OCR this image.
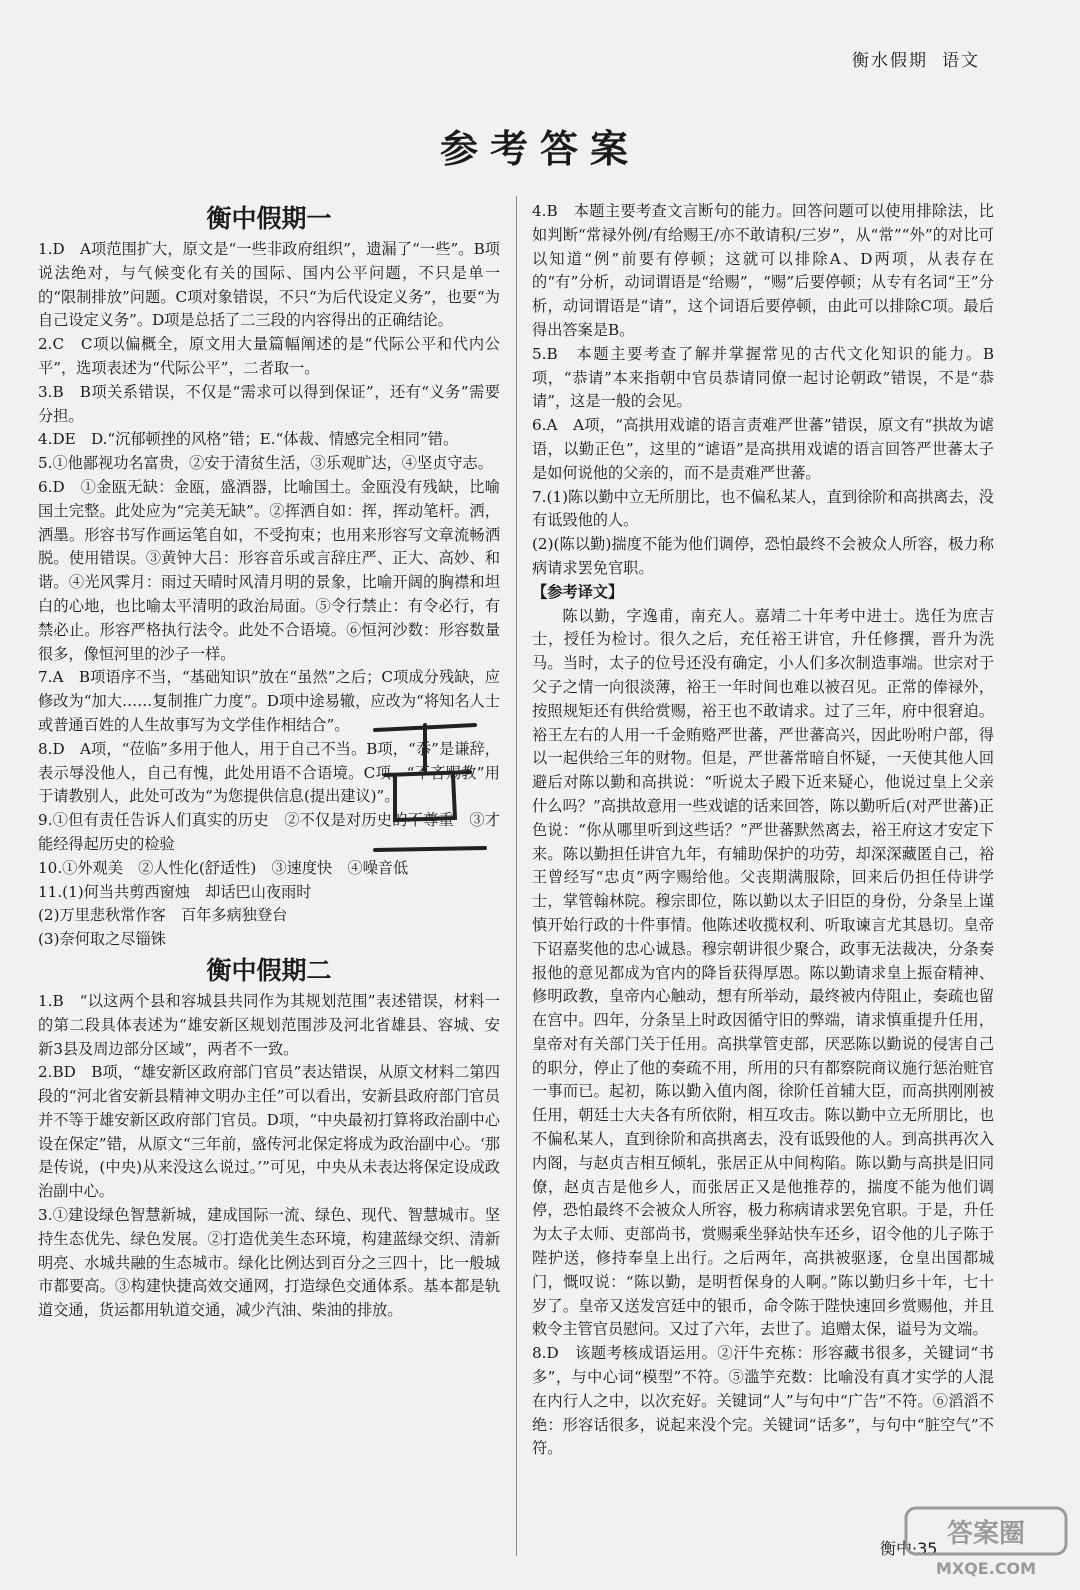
衡水假期 语文
参考答案
衡中假期一

1.D　A项范围扩大，原文是“一些非政府组织”，遗漏了“一些”。B项说法绝对，与气候变化有关的国际、国内公平问题，不只是单一的“限制排放”问题。C项对象错误，不只“为后代设定义务”，也要“为自己设定义务”。D项是总括了二三段的内容得出的正确结论。

2.C　C项以偏概全，原文用大量篇幅阐述的是“代际公平和代内公平”，选项表述为“代际公平”，二者取一。

3.B　B项关系错误，不仅是“需求可以得到保证”，还有“义务”需要分担。

4.DE　D.“沉郁顿挫的风格”错；E.“体裁、情感完全相同”错。

5.①他鄙视功名富贵，②安于清贫生活，③乐观旷达，④坚贞守志。

6.D　①金瓯无缺：金瓯，盛酒器，比喻国土。金瓯没有残缺，比喻国土完整。此处应为“完美无缺”。②挥洒自如：挥，挥动笔杆。洒，洒墨。形容书写作画运笔自如，不受拘束；也用来形容写文章流畅洒脱。使用错误。③黄钟大吕：形容音乐或言辞庄严、正大、高妙、和谐。④光风霁月：雨过天晴时风清月明的景象，比喻开阔的胸襟和坦白的心地，也比喻太平清明的政治局面。⑤令行禁止：有令必行，有禁必止。形容严格执行法令。此处不合语境。⑥恒河沙数：形容数量很多，像恒河里的沙子一样。

7.A　B项语序不当，“基础知识”放在“虽然”之后；C项成分残缺，应修改为“加大……复制推广力度”。D项中途易辙，应改为“将知名人士或普通百姓的人生故事写为文学佳作相结合”。

8.D　A项，“莅临”多用于他人，用于自己不当。B项，“忝”是谦辞，表示辱没他人，自己有愧，此处用语不合语境。C项，“不吝赐教”用于请教别人，此处可改为“为您提供信息(提出建议)”。

9.①但有责任告诉人们真实的历史　②不仅是对历史的不尊重　③才能经得起历史的检验

10.①外观美　②人性化(舒适性)　③速度快　④噪音低

11.(1)何当共剪西窗烛　却话巴山夜雨时

(2)万里悲秋常作客　百年多病独登台

(3)奈何取之尽锱铢

衡中假期二

1.B　“以这两个县和容城县共同作为其规划范围”表述错误，材料一的第二段具体表述为“雄安新区规划范围涉及河北省雄县、容城、安新3县及周边部分区域”，两者不一致。

2.BD　B项，“雄安新区政府部门官员”表达错误，从原文材料二第四段的“河北省安新县精神文明办主任”可以看出，安新县政府部门官员并不等于雄安新区政府部门官员。D项，“中央最初打算将政治副中心设在保定”错，从原文“三年前，盛传河北保定将成为政治副中心。‘那是传说，(中央)从来没这么说过。’”可见，中央从未表达将保定设成政治副中心。

3.①建设绿色智慧新城，建成国际一流、绿色、现代、智慧城市。坚持生态优先、绿色发展。②打造优美生态环境，构建蓝绿交织、清新明亮、水城共融的生态城市。绿化比例达到百分之三四十，比一般城市都要高。③构建快捷高效交通网，打造绿色交通体系。基本都是轨道交通，货运都用轨道交通，减少汽油、柴油的排放。

4.B　本题主要考查文言断句的能力。回答问题可以使用排除法，比如判断“常禄外例/有给赐王/亦不敢请积/三岁”，从“常”“外”的对比可以知道“例”前要有停顿；这就可以排除A、D两项，从表存在的“有”分析，动词谓语是“给赐”，“赐”后要停顿；从专有名词“王”分析，动词谓语是“请”，这个词语后要停顿，由此可以排除C项。最后得出答案是B。

5.B　本题主要考查了解并掌握常见的古代文化知识的能力。B项，“恭请”本来指朝中官员恭请同僚一起讨论朝政”错误，不是“恭请”，这是一般的会见。

6.A　A项，“高拱用戏谑的语言责难严世蕃”错误，原文有“拱故为谑语，以勤正色”，这里的“谑语”是高拱用戏谑的语言回答严世蕃太子是如何说他的父亲的，而不是责难严世蕃。

7.(1)陈以勤中立无所朋比，也不偏私某人，直到徐阶和高拱离去，没有诋毁他的人。

(2)(陈以勤)揣度不能为他们调停，恐怕最终不会被众人所容，极力称病请求罢免官职。

【参考译文】

陈以勤，字逸甫，南充人。嘉靖二十年考中进士。选任为庶吉士，授任为检讨。很久之后，充任裕王讲官，升任修撰，晋升为洗马。当时，太子的位号还没有确定，小人们多次制造事端。世宗对于父子之情一向很淡薄，裕王一年时间也难以被召见。正常的俸禄外，按照规矩还有供给赏赐，裕王也不敢请求。过了三年，府中很窘迫。裕王左右的人用一千金贿赂严世蕃，严世蕃高兴，因此吩咐户部，得以一起供给三年的财物。但是，严世蕃常暗自怀疑，一天使其他人回避后对陈以勤和高拱说：“听说太子殿下近来疑心，他说过皇上父亲什么吗？”高拱故意用一些戏谑的话来回答，陈以勤听后(对严世蕃)正色说：“你从哪里听到这些话？”严世蕃默然离去，裕王府这才安定下来。陈以勤担任讲官九年，有辅助保护的功劳，却深深藏匿自己，裕王曾经写“忠贞”两字赐给他。父丧期满服除，回来后仍担任侍讲学士，掌管翰林院。穆宗即位，陈以勤以太子旧臣的身份，分条呈上谨慎开始行政的十件事情。他陈述收揽权利、听取谏言尤其恳切。皇帝下诏嘉奖他的忠心诚恳。穆宗朝讲很少聚合，政事无法裁决，分条奏报他的意见都成为官内的降旨获得厚恩。陈以勤请求皇上振奋精神、修明政教，皇帝内心触动，想有所举动，最终被内侍阻止，奏疏也留在宫中。四年，分条呈上时政因循守旧的弊端，请求慎重提升任用，皇帝对有关部门关于任用。高拱掌管吏部，厌恶陈以勤说的侵害自己的职分，停止了他的奏疏不用，所用的只有都察院商议施行惩治赃官一事而已。起初，陈以勤入值内阁，徐阶任首辅大臣，而高拱刚刚被任用，朝廷士大夫各有所依附，相互攻击。陈以勤中立无所朋比，也不偏私某人，直到徐阶和高拱离去，没有诋毁他的人。到高拱再次入内阁，与赵贞吉相互倾轧，张居正从中间构陷。陈以勤与高拱是旧同僚，赵贞吉是他乡人，而张居正又是他推荐的，揣度不能为他们调停，恐怕最终不会被众人所容，极力称病请求罢免官职。于是，升任为太子太师、吏部尚书，赏赐乘坐驿站快车还乡，诏令他的儿子陈于陛护送，修持奉皇上出行。之后两年，高拱被驱逐，仓皇出国都城门，慨叹说：“陈以勤，是明哲保身的人啊。”陈以勤归乡十年，七十岁了。皇帝又送发宫廷中的银币，命令陈于陛快速回乡赏赐他，并且敕令主管官员慰问。又过了六年，去世了。追赠太保，谥号为文端。

8.D　该题考核成语运用。②汗牛充栋：形容藏书很多，关键词“书多”，与中心词“模型”不符。⑤滥竽充数：比喻没有真才实学的人混在内行人之中，以次充好。关键词“人”与句中“广告”不符。⑥滔滔不绝：形容话很多，说起来没个完。关键词“话多”，与句中“脏空气”不符。

衡中·35 答案圈
MXQE.COM
